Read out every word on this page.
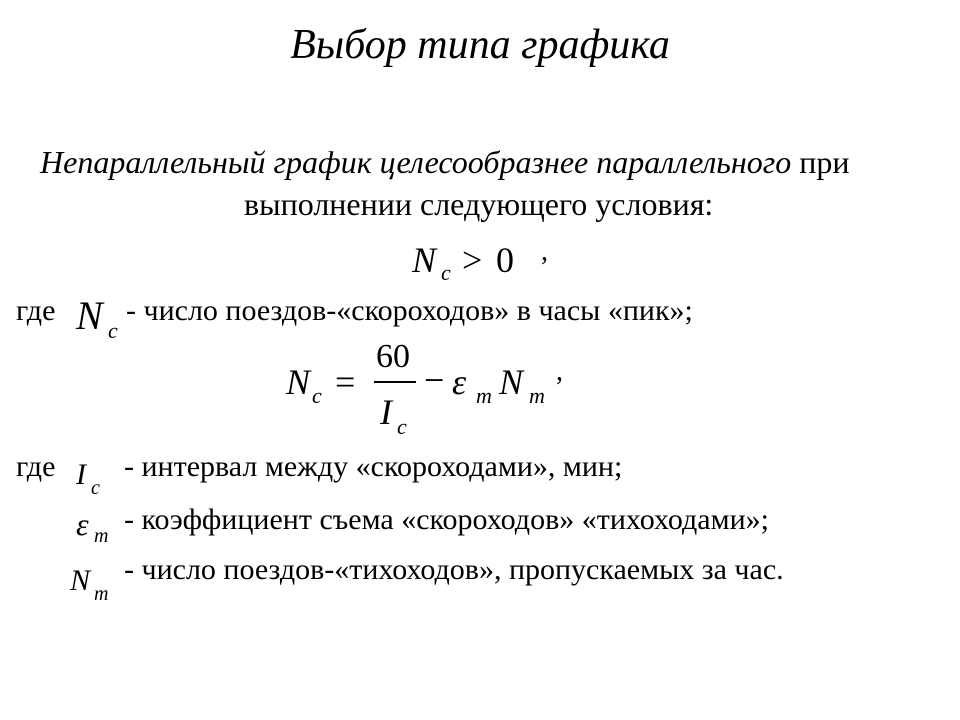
Выбор типа графика
Непараллельный график целесообразнее параллельного при
выполнении следующего условия:
N c > 0 ,
где N c
- число поездов-«скороходов» в часы «пик»;
N c =
60
I c
− ε m N m
,
где I c
- интервал между «скороходами», мин;
ε m - коэффициент съема «скороходов» «тихоходами»;
N m
- число поездов-«тихоходов», пропускаемых за час.
